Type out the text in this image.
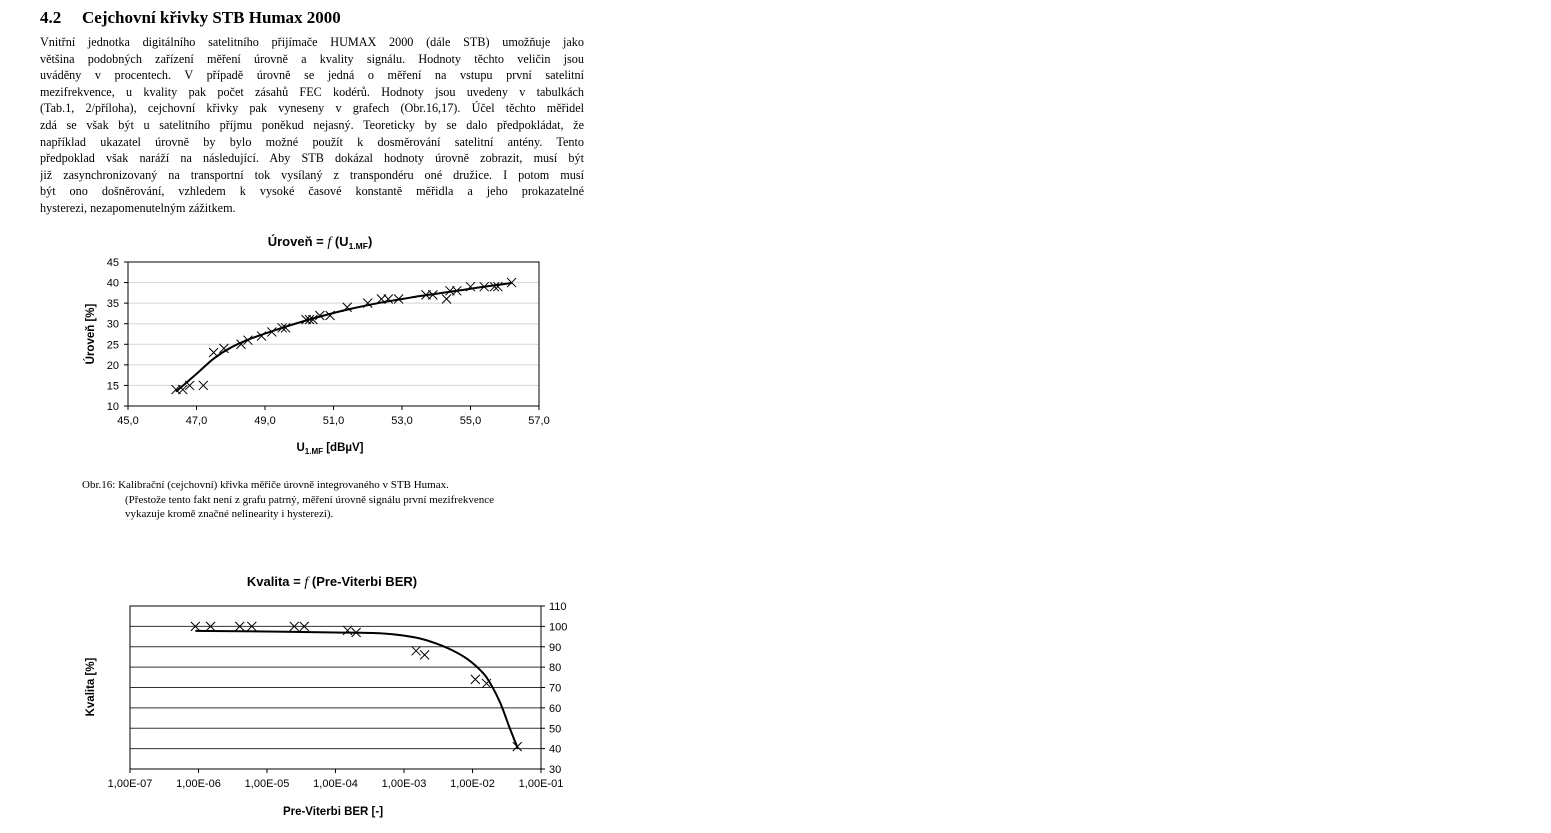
4.2 Cejchovní křivky STB Humax 2000
Vnitřní jednotka digitálního satelitního přijímače HUMAX 2000 (dále STB) umožňuje jako
většina podobných zařízení měření úrovně a kvality signálu. Hodnoty těchto veličin jsou
uváděny v procentech. V případě úrovně se jedná o měření na vstupu první satelitní
mezifrekvence, u kvality pak počet zásahů FEC kodérů. Hodnoty jsou uvedeny v tabulkách
(Tab.1, 2/příloha), cejchovní křivky pak vyneseny v grafech (Obr.16,17). Účel těchto měřidel
zdá se však být u satelitního příjmu poněkud nejasný. Teoreticky by se dalo předpokládat, že
například ukazatel úrovně by bylo možné použít k dosměrování satelitní antény. Tento
předpoklad však naráží na následující. Aby STB dokázal hodnoty úrovně zobrazit, musí být
již zasynchronizovaný na transportní tok vysílaný z transpondéru oné družice. I potom musí
být ono došněrování, vzhledem k vysoké časové konstantě měřidla a jeho prokazatelné
hysterezi, nezapomenutelným zážitkem.
Úroveň = f $(U_{1.MF})$
45,0	47,0	49,0	51,0	53,0	55,0	57,0
10
15
20
25
30
35
40
45
Úroveň [%]
$U_{1.MF}$ [dBµV]
Obr.16: Kalibrační (cejchovní) křivka měřiče úrovně integrovaného v STB Humax.
(Přestože tento fakt není z grafu patrný, měření úrovně signálu první mezifrekvence
vykazuje kromě značné nelinearity i hysterezi).
Kvalita = f (Pre-Viterbi BER)
1,00E-07 1,00E-06 1,00E-05 1,00E-04 1,00E-03 1,00E-02 1,00E-01
30
40
50
60
70
80
90
100
110
Kvalita [%]
Pre-Viterbi BER [-]
